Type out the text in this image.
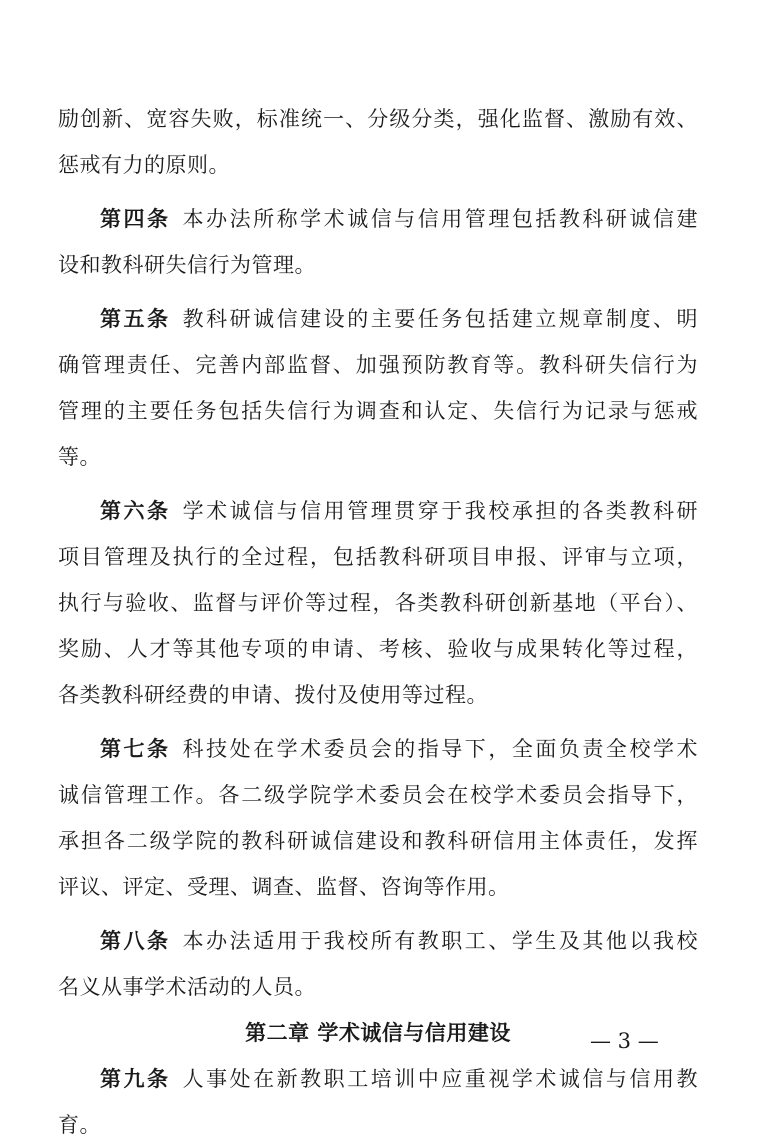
励创新、宽容失败，标准统一、分级分类，强化监督、激励有效、
惩戒有力的原则。
第四条 本办法所称学术诚信与信用管理包括教科研诚信建
设和教科研失信行为管理。
第五条 教科研诚信建设的主要任务包括建立规章制度、明
确管理责任、完善内部监督、加强预防教育等。教科研失信行为
管理的主要任务包括失信行为调查和认定、失信行为记录与惩戒
等。
第六条 学术诚信与信用管理贯穿于我校承担的各类教科研
项目管理及执行的全过程，包括教科研项目申报、评审与立项，
执行与验收、监督与评价等过程，各类教科研创新基地（平台）、
奖励、人才等其他专项的申请、考核、验收与成果转化等过程，
各类教科研经费的申请、拨付及使用等过程。
第七条 科技处在学术委员会的指导下，全面负责全校学术
诚信管理工作。各二级学院学术委员会在校学术委员会指导下，
承担各二级学院的教科研诚信建设和教科研信用主体责任，发挥
评议、评定、受理、调查、监督、咨询等作用。
第八条 本办法适用于我校所有教职工、学生及其他以我校
名义从事学术活动的人员。
第二章 学术诚信与信用建设
第九条 人事处在新教职工培训中应重视学术诚信与信用教
育。
— 3 —
